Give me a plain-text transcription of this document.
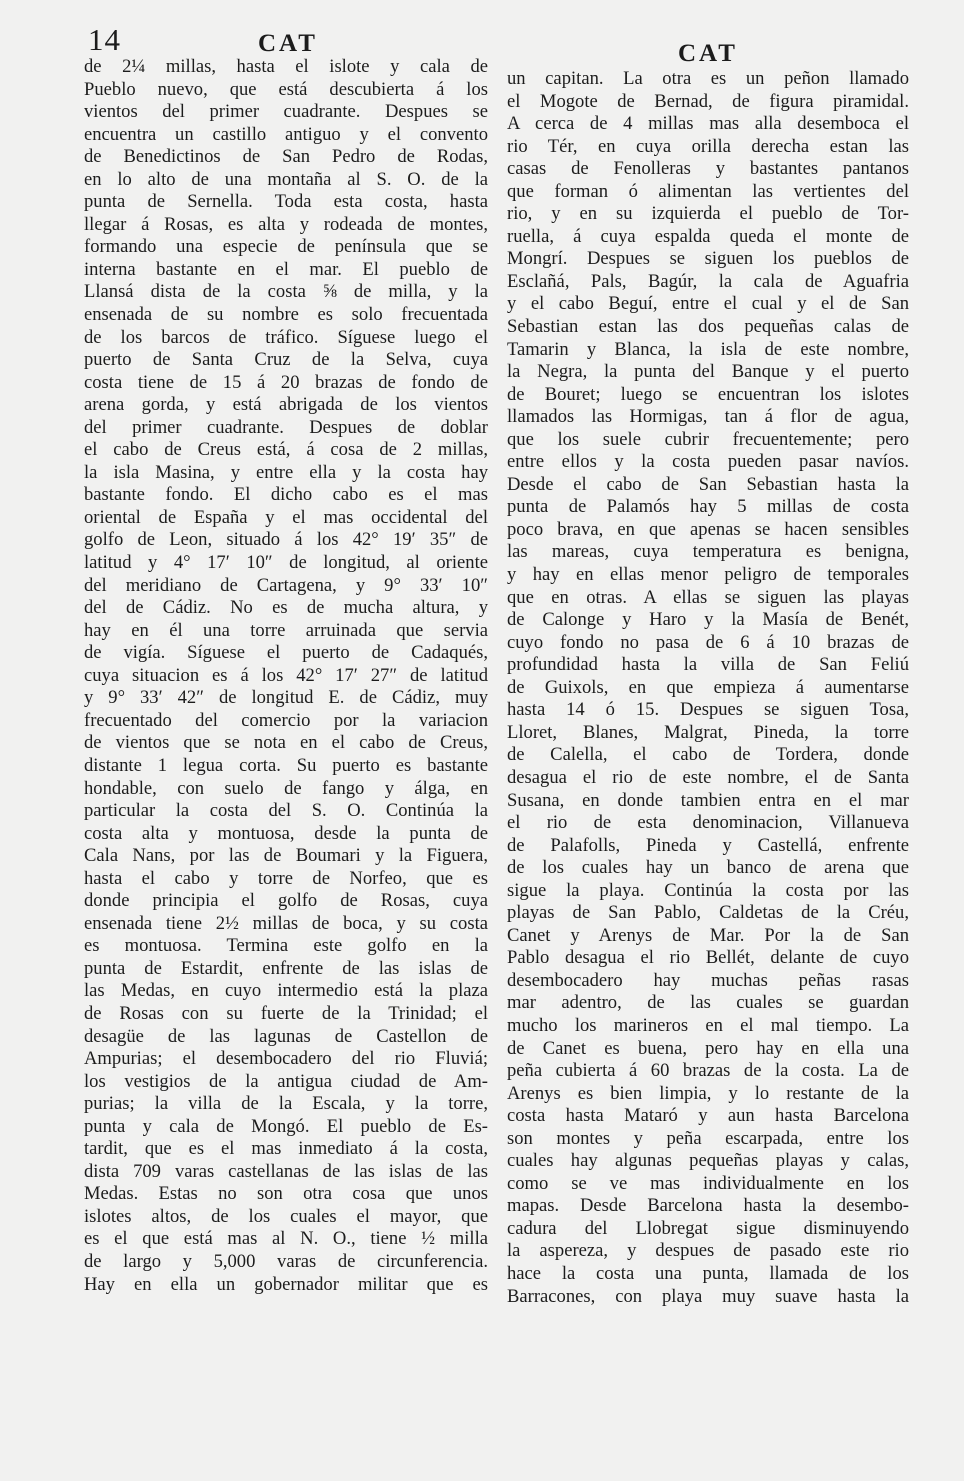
14	CAT	CAT
de 2¼ millas, hasta el islote y cala de
Pueblo nuevo, que está descubierta á los
vientos del primer cuadrante. Despues se
encuentra un castillo antiguo y el convento
de Benedictinos de San Pedro de Rodas,
en lo alto de una montaña al S. O. de la
punta de Sernella. Toda esta costa, hasta
llegar á Rosas, es alta y rodeada de montes,
formando una especie de península que se
interna bastante en el mar. El pueblo de
Llansá dista de la costa ⅝ de milla, y la
ensenada de su nombre es solo frecuentada
de los barcos de tráfico. Síguese luego el
puerto de Santa Cruz de la Selva, cuya
costa tiene de 15 á 20 brazas de fondo de
arena gorda, y está abrigada de los vientos
del primer cuadrante. Despues de doblar
el cabo de Creus está, á cosa de 2 millas,
la isla Masina, y entre ella y la costa hay
bastante fondo. El dicho cabo es el mas
oriental de España y el mas occidental del
golfo de Leon, situado á los 42° 19′ 35″ de
latitud y 4° 17′ 10″ de longitud, al oriente
del meridiano de Cartagena, y 9° 33′ 10″
del de Cádiz. No es de mucha altura, y
hay en él una torre arruinada que servia
de vigía. Síguese el puerto de Cadaqués,
cuya situacion es á los 42° 17′ 27″ de latitud
y 9° 33′ 42″ de longitud E. de Cádiz, muy
frecuentado del comercio por la variacion
de vientos que se nota en el cabo de Creus,
distante 1 legua corta. Su puerto es bastante
hondable, con suelo de fango y álga, en
particular la costa del S. O. Continúa la
costa alta y montuosa, desde la punta de
Cala Nans, por las de Boumari y la Figuera,
hasta el cabo y torre de Norfeo, que es
donde principia el golfo de Rosas, cuya
ensenada tiene 2½ millas de boca, y su costa
es montuosa. Termina este golfo en la
punta de Estardit, enfrente de las islas de
las Medas, en cuyo intermedio está la plaza
de Rosas con su fuerte de la Trinidad; el
desagüe de las lagunas de Castellon de
Ampurias; el desembocadero del rio Fluviá;
los vestigios de la antigua ciudad de Am-
purias; la villa de la Escala, y la torre,
punta y cala de Mongó. El pueblo de Es-
tardit, que es el mas inmediato á la costa,
dista 709 varas castellanas de las islas de las
Medas. Estas no son otra cosa que unos
islotes altos, de los cuales el mayor, que
es el que está mas al N. O., tiene ½ milla
de largo y 5,000 varas de circunferencia.
Hay en ella un gobernador militar que es
un capitan. La otra es un peñon llamado
el Mogote de Bernad, de figura piramidal.
A cerca de 4 millas mas alla desemboca el
rio Tér, en cuya orilla derecha estan las
casas de Fenolleras y bastantes pantanos
que forman ó alimentan las vertientes del
rio, y en su izquierda el pueblo de Tor-
ruella, á cuya espalda queda el monte de
Mongrí. Despues se siguen los pueblos de
Esclañá, Pals, Bagúr, la cala de Aguafria
y el cabo Beguí, entre el cual y el de San
Sebastian estan las dos pequeñas calas de
Tamarin y Blanca, la isla de este nombre,
la Negra, la punta del Banque y el puerto
de Bouret; luego se encuentran los islotes
llamados las Hormigas, tan á flor de agua,
que los suele cubrir frecuentemente; pero
entre ellos y la costa pueden pasar navíos.
Desde el cabo de San Sebastian hasta la
punta de Palamós hay 5 millas de costa
poco brava, en que apenas se hacen sensibles
las mareas, cuya temperatura es benigna,
y hay en ellas menor peligro de temporales
que en otras. A ellas se siguen las playas
de Calonge y Haro y la Masía de Benét,
cuyo fondo no pasa de 6 á 10 brazas de
profundidad hasta la villa de San Feliú
de Guixols, en que empieza á aumentarse
hasta 14 ó 15. Despues se siguen Tosa,
Lloret, Blanes, Malgrat, Pineda, la torre
de Calella, el cabo de Tordera, donde
desagua el rio de este nombre, el de Santa
Susana, en donde tambien entra en el mar
el rio de esta denominacion, Villanueva
de Palafolls, Pineda y Castellá, enfrente
de los cuales hay un banco de arena que
sigue la playa. Continúa la costa por las
playas de San Pablo, Caldetas de la Créu,
Canet y Arenys de Mar. Por la de San
Pablo desagua el rio Bellét, delante de cuyo
desembocadero hay muchas peñas rasas
mar adentro, de las cuales se guardan
mucho los marineros en el mal tiempo. La
de Canet es buena, pero hay en ella una
peña cubierta á 60 brazas de la costa. La de
Arenys es bien limpia, y lo restante de la
costa hasta Mataró y aun hasta Barcelona
son montes y peña escarpada, entre los
cuales hay algunas pequeñas playas y calas,
como se ve mas individualmente en los
mapas. Desde Barcelona hasta la desembo-
cadura del Llobregat sigue disminuyendo
la aspereza, y despues de pasado este rio
hace la costa una punta, llamada de los
Barracones, con playa muy suave hasta la
